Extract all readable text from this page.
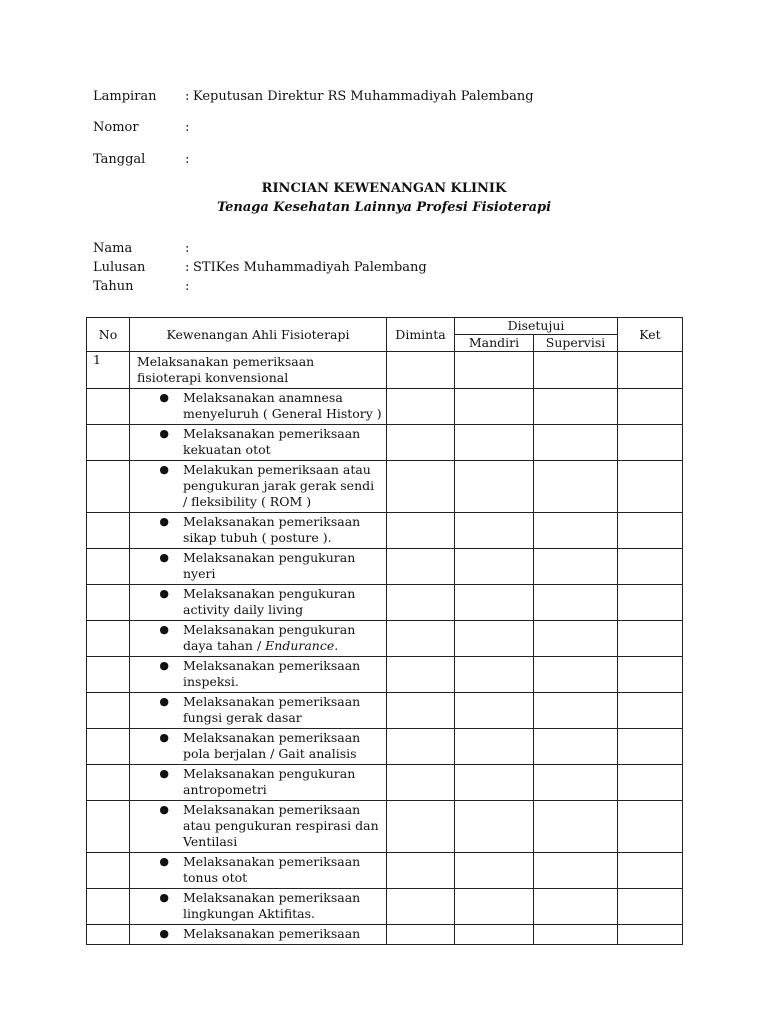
Lampiran : Keputusan Direktur RS Muhammadiyah Palembang
Nomor	:
Tanggal	:
RINCIAN KEWENANGAN KLINIK
Tenaga Kesehatan Lainnya Profesi Fisioterapi
Nama	:
Lulusan	: STIKes Muhammadiyah Palembang
Tahun	:
No	Kewenangan Ahli Fisioterapi	Diminta	Disetujui		Ket
			Mandiri	Supervisi	
1	Melaksanakan pemeriksaan fisioterapi konvensional				

	● Melaksanakan anamnesa menyeluruh ( General History )				

	● Melaksanakan pemeriksaan kekuatan otot				

	● Melakukan pemeriksaan atau pengukuran jarak gerak sendi / fleksibility ( ROM )				

	● Melaksanakan pemeriksaan sikap tubuh ( posture ).				

	● Melaksanakan pengukuran nyeri				

	● Melaksanakan pengukuran activity daily living				

	● Melaksanakan pengukuran daya tahan / Endurance.				

	● Melaksanakan pemeriksaan inspeksi.				

	● Melaksanakan pemeriksaan fungsi gerak dasar				

	● Melaksanakan pemeriksaan pola berjalan / Gait analisis				

	● Melaksanakan pengukuran antropometri				

	● Melaksanakan pemeriksaan atau pengukuran respirasi dan Ventilasi				

	● Melaksanakan pemeriksaan tonus otot				

	● Melaksanakan pemeriksaan lingkungan Aktifitas.				

	● Melaksanakan pemeriksaan				
